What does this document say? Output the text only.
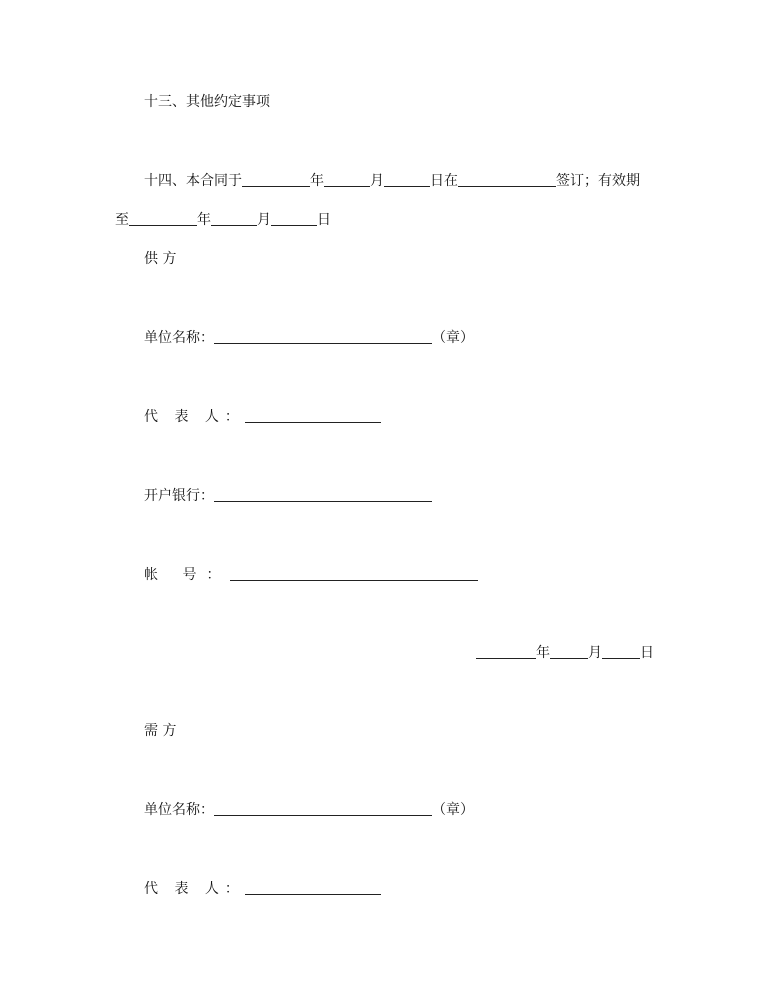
十三、其他约定事项
十四、本合同于	年	月	日在	签订；有效期
至	年	月	日
供 方
单位名称：	（章）
代 表 人：
开户银行：
帐 号：
年	月	日
需 方
单位名称：	（章）
代 表 人：
